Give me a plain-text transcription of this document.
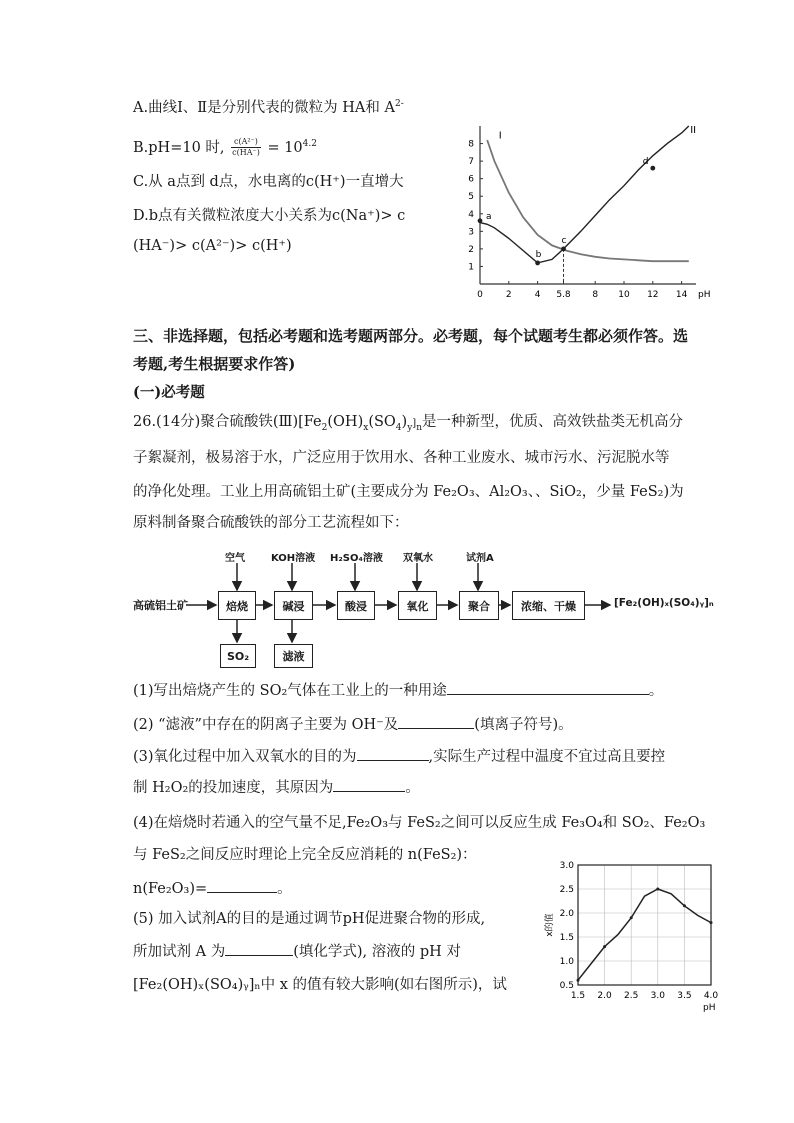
A.曲线Ⅰ、Ⅱ是分别代表的微粒为 HA和 $A^{2-}$
B.pH=10 时, $\frac{\text{c(A²⁻)}}{c(HA^-)} = 10^{4.2}$
C.从 a点到 d点，水电离的c(H⁺)一直增大
D.b点有关微粒浓度大小关系为c(Na⁺)> c
(HA⁻)> c(A²⁻)> c(H⁺)
0	2	4 5.8 8 10 12 14 pH
1
2
3
4
5
6
7
8
I	II
a
b
c
d
三、非选择题，包括必考题和选考题两部分。必考题，每个试题考生都必须作答。选
考题,考生根据要求作答)
(一)必考题
26.(14分)聚合硫酸铁$(Ⅲ)[Fe_2(OH)_x(SO_4)_y]_n$是一种新型，优质、高效铁盐类无机高分
子絮凝剂，极易溶于水，广泛应用于饮用水、各种工业废水、城市污水、污泥脱水等
的净化处理。工业上用高硫铝土矿(主要成分为 Fe₂O₃、Al₂O₃、、SiO₂，少量 FeS₂)为
原料制备聚合硫酸铁的部分工艺流程如下：
高硫铝土矿	焙烧	碱浸	酸浸	氧化	聚合	浓缩、干燥	[Fe₂(OH)ₓ(SO₄)ᵧ]ₙ
空气	KOH溶液 H₂SO₄溶液 双氧水	试剂A
SO₂	滤液
(1)写出焙烧产生的 SO₂气体在工业上的一种用途	。
(2) “滤液”中存在的阴离子主要为 OH⁻及	(填离子符号)。
(3)氧化过程中加入双氧水的目的为	,实际生产过程中温度不宜过高且要控
制 H₂O₂的投加速度，其原因为	。
(4)在焙烧时若通入的空气量不足,Fe₂O₃与 FeS₂之间可以反应生成 Fe₃O₄和 SO₂、Fe₂O₃
与 FeS₂之间反应时理论上完全反应消耗的 n(FeS₂)：
n(Fe₂O₃)=	。
(5) 加入试剂A的目的是通过调节pH促进聚合物的形成,
所加试剂 A 为	(填化学式), 溶液的 pH 对
[Fe₂(OH)ₓ(SO₄)ᵧ]ₙ中 x 的值有较大影响(如右图所示)，试
1.5 2.0 2.5 3.0 3.5 4.0
0.5
1.0
1.5
2.0
2.5
3.0
pH
x的值
